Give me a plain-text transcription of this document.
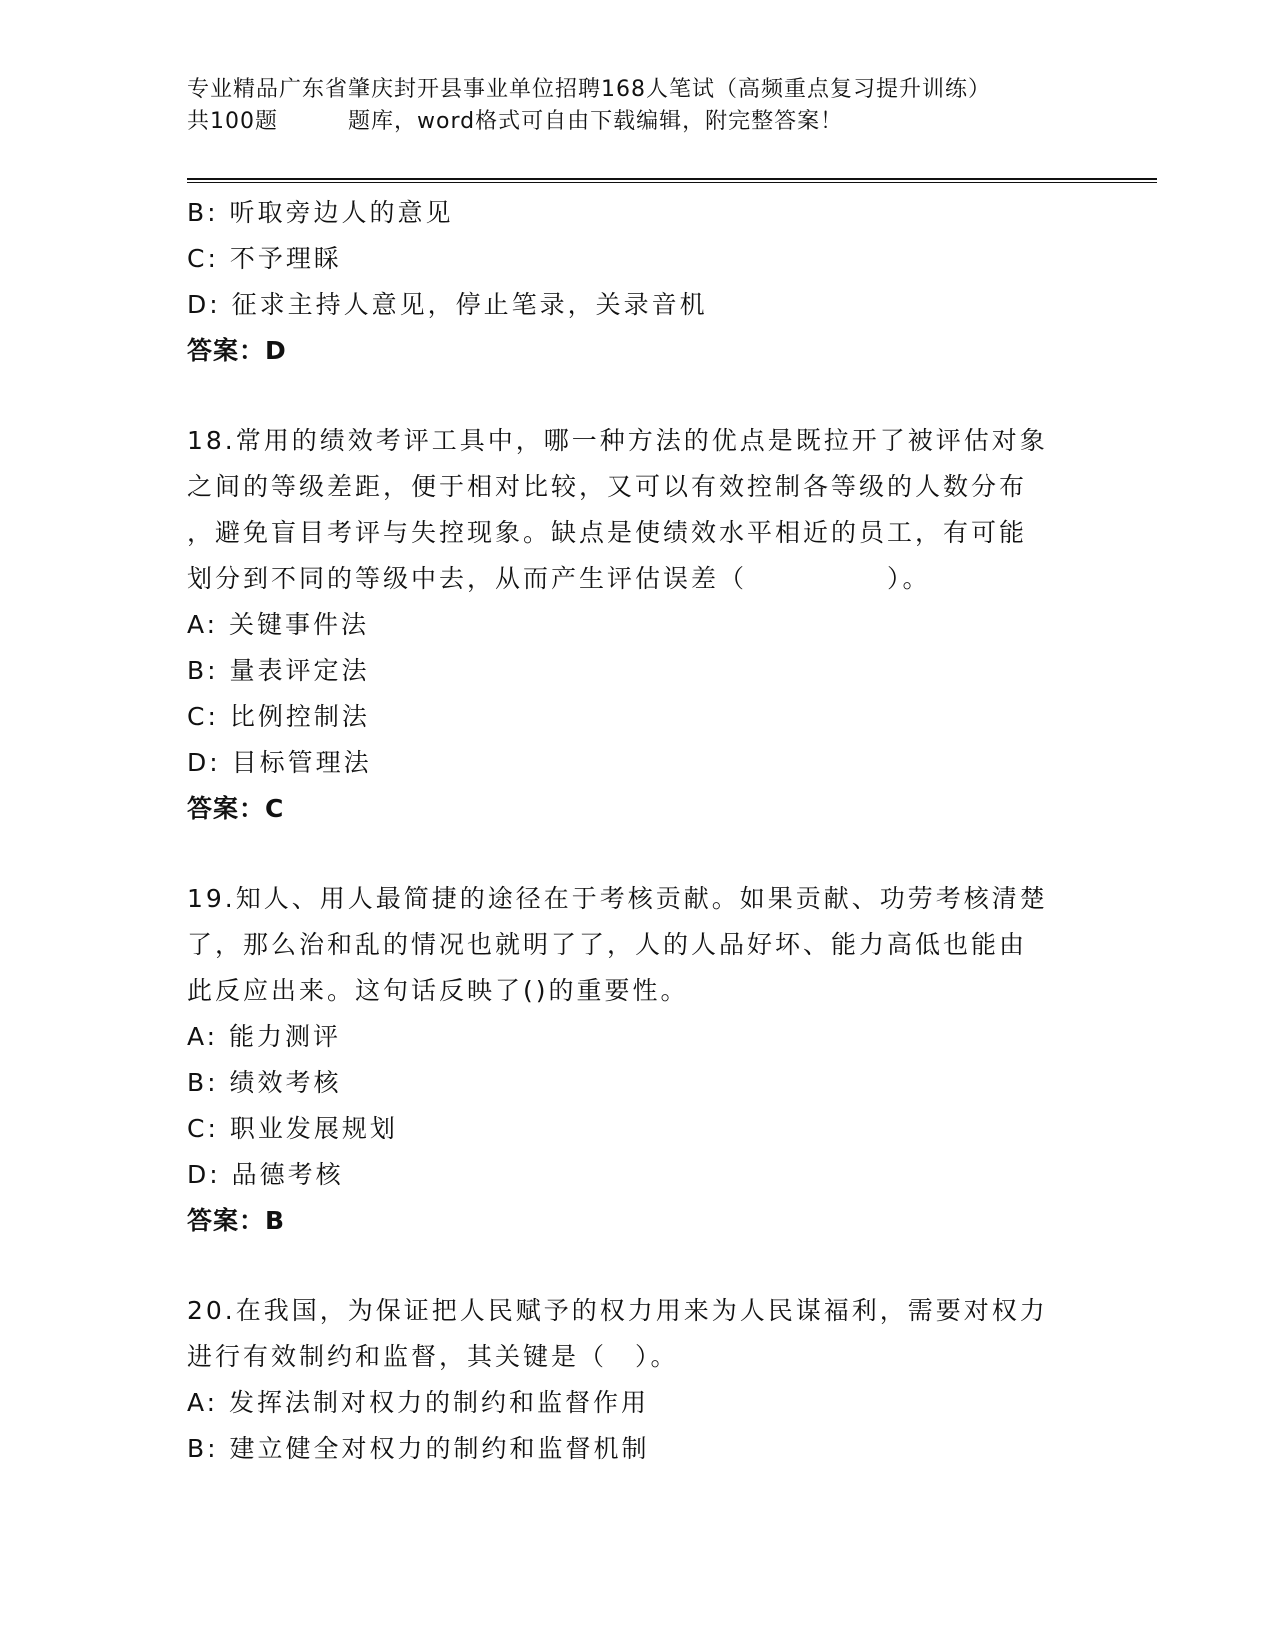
专业精品广东省肇庆封开县事业单位招聘168人笔试（高频重点复习提升训练）
共100题	题库，word格式可自由下载编辑，附完整答案！
B: 听取旁边人的意见
C: 不予理睬
D: 征求主持人意见，停止笔录，关录音机
答案：D
18.常用的绩效考评工具中，哪一种方法的优点是既拉开了被评估对象
之间的等级差距，便于相对比较，又可以有效控制各等级的人数分布
，避免盲目考评与失控现象。缺点是使绩效水平相近的员工，有可能
划分到不同的等级中去，从而产生评估误差（　　　　　）。
A: 关键事件法
B: 量表评定法
C: 比例控制法
D: 目标管理法
答案：C
19.知人、用人最简捷的途径在于考核贡献。如果贡献、功劳考核清楚
了，那么治和乱的情况也就明了了，人的人品好坏、能力高低也能由
此反应出来。这句话反映了()的重要性。
A: 能力测评
B: 绩效考核
C: 职业发展规划
D: 品德考核
答案：B
20.在我国，为保证把人民赋予的权力用来为人民谋福利，需要对权力
进行有效制约和监督，其关键是（　）。
A: 发挥法制对权力的制约和监督作用
B: 建立健全对权力的制约和监督机制
